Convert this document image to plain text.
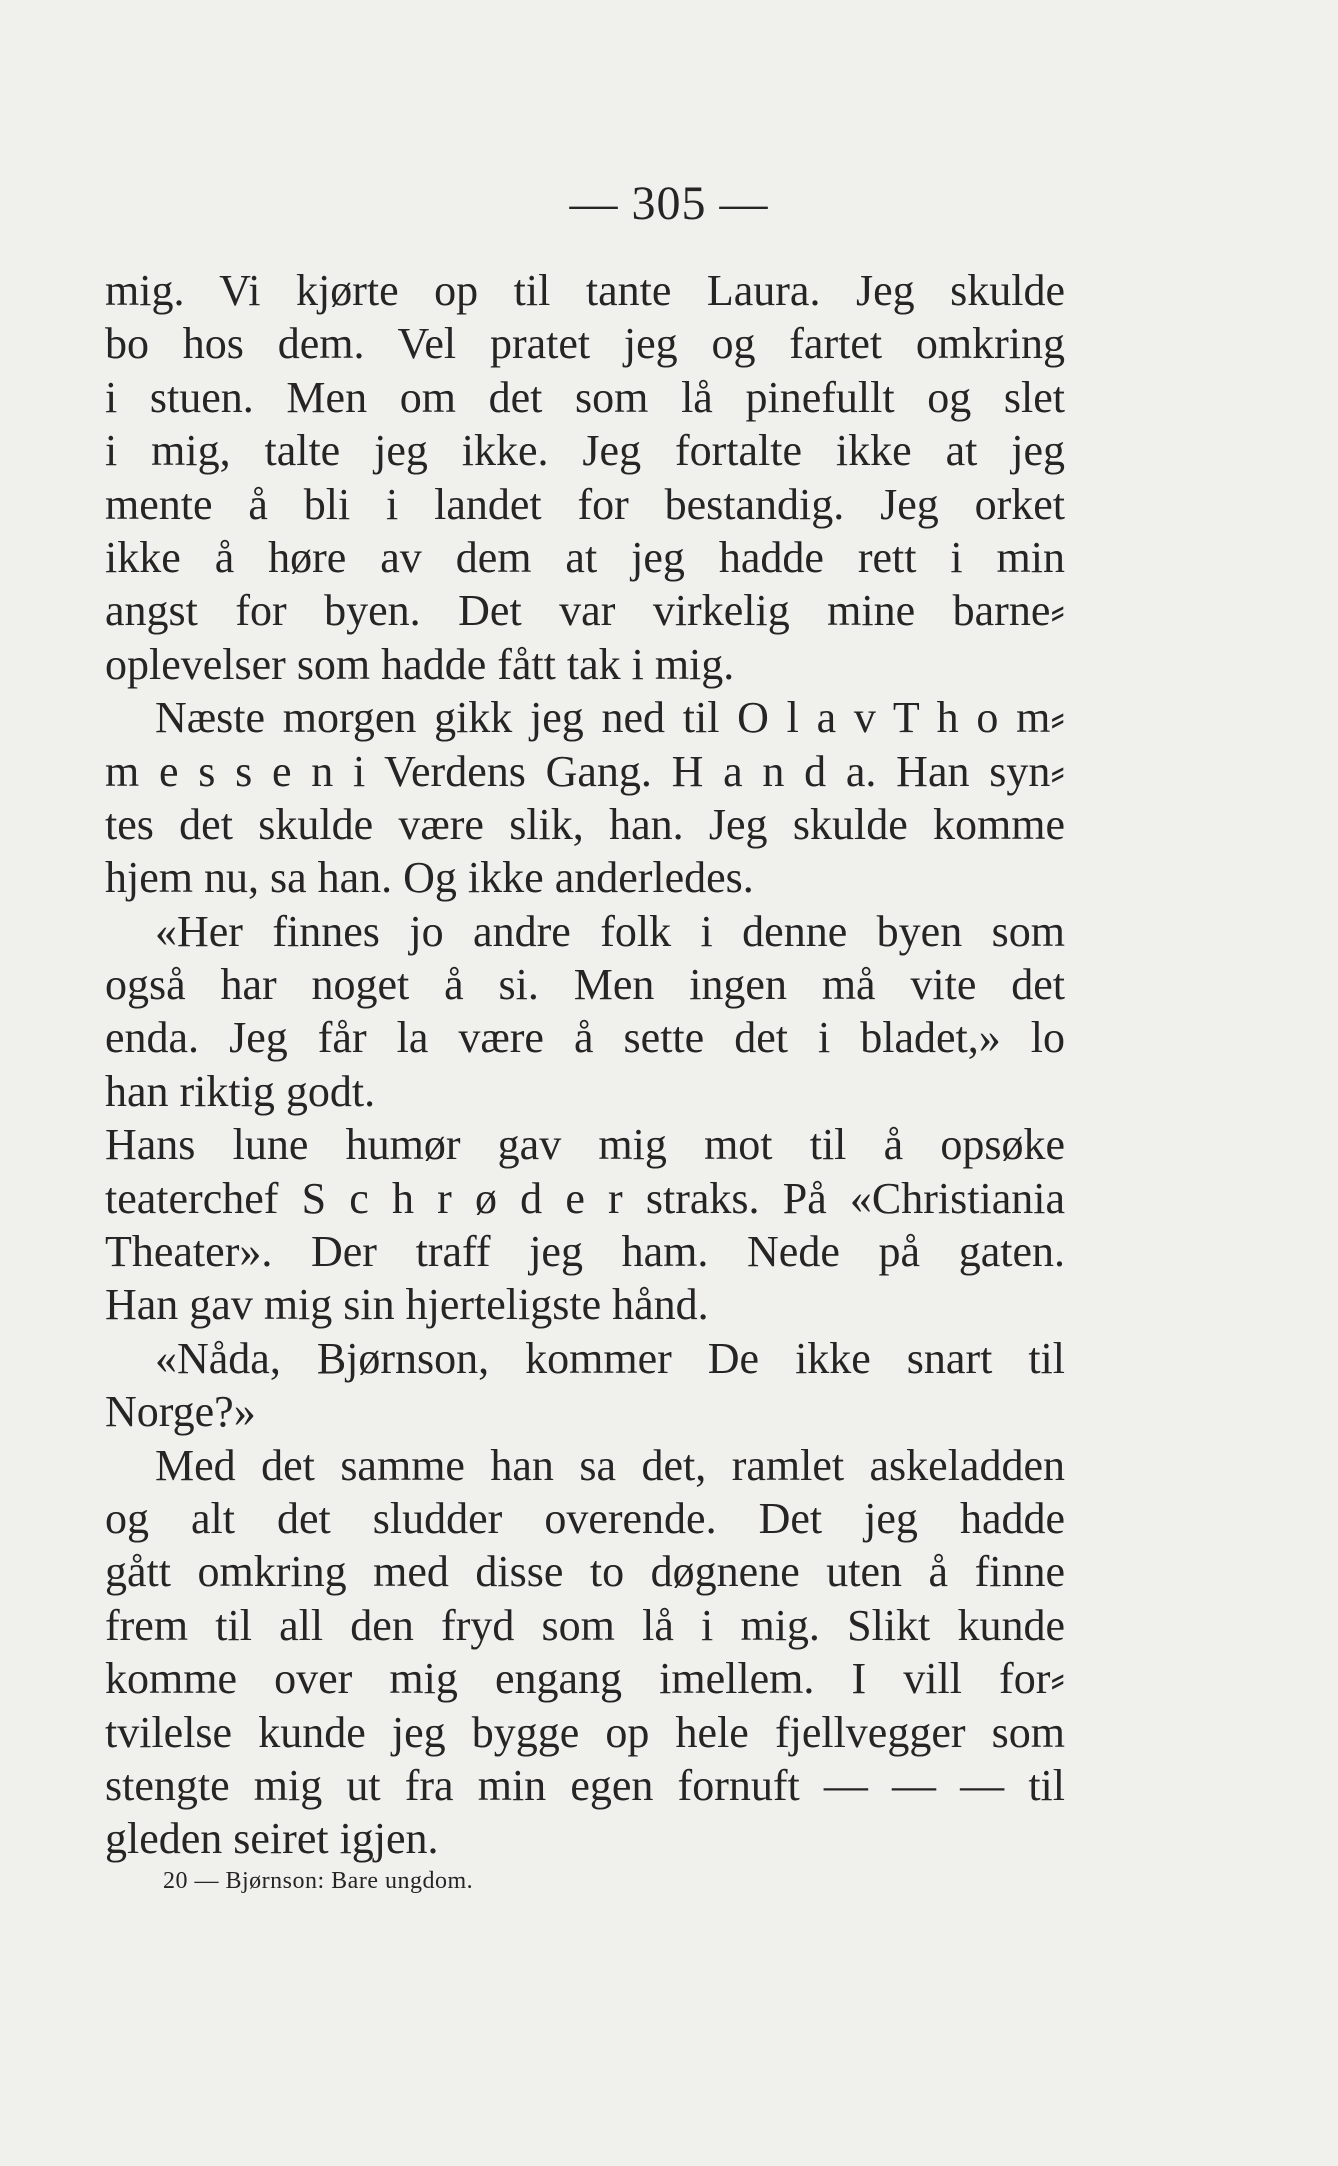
— 305 —
mig. Vi kjørte op til tante Laura. Jeg skulde
bo hos dem. Vel pratet jeg og fartet omkring
i stuen. Men om det som lå pinefullt og slet
i mig, talte jeg ikke. Jeg fortalte ikke at jeg
mente å bli i landet for bestandig. Jeg orket
ikke å høre av dem at jeg hadde rett i min
angst for byen. Det var virkelig mine barne⸗
oplevelser som hadde fått tak i mig.
Næste morgen gikk jeg ned til O l a v T h o m⸗
m e s s e n i Verdens Gang. H a n d a. Han syn⸗
tes det skulde være slik, han. Jeg skulde komme
hjem nu, sa han. Og ikke anderledes.
«Her finnes jo andre folk i denne byen som
også har noget å si. Men ingen må vite det
enda. Jeg får la være å sette det i bladet,» lo
han riktig godt.
Hans lune humør gav mig mot til å opsøke
teaterchef S c h r ø d e r straks. På «Christiania
Theater». Der traff jeg ham. Nede på gaten.
Han gav mig sin hjerteligste hånd.
«Nåda, Bjørnson, kommer De ikke snart til
Norge?»
Med det samme han sa det, ramlet askeladden
og alt det sludder overende. Det jeg hadde
gått omkring med disse to døgnene uten å finne
frem til all den fryd som lå i mig. Slikt kunde
komme over mig engang imellem. I vill for⸗
tvilelse kunde jeg bygge op hele fjellvegger som
stengte mig ut fra min egen fornuft — — — til
gleden seiret igjen.
20 — Bjørnson: Bare ungdom.
